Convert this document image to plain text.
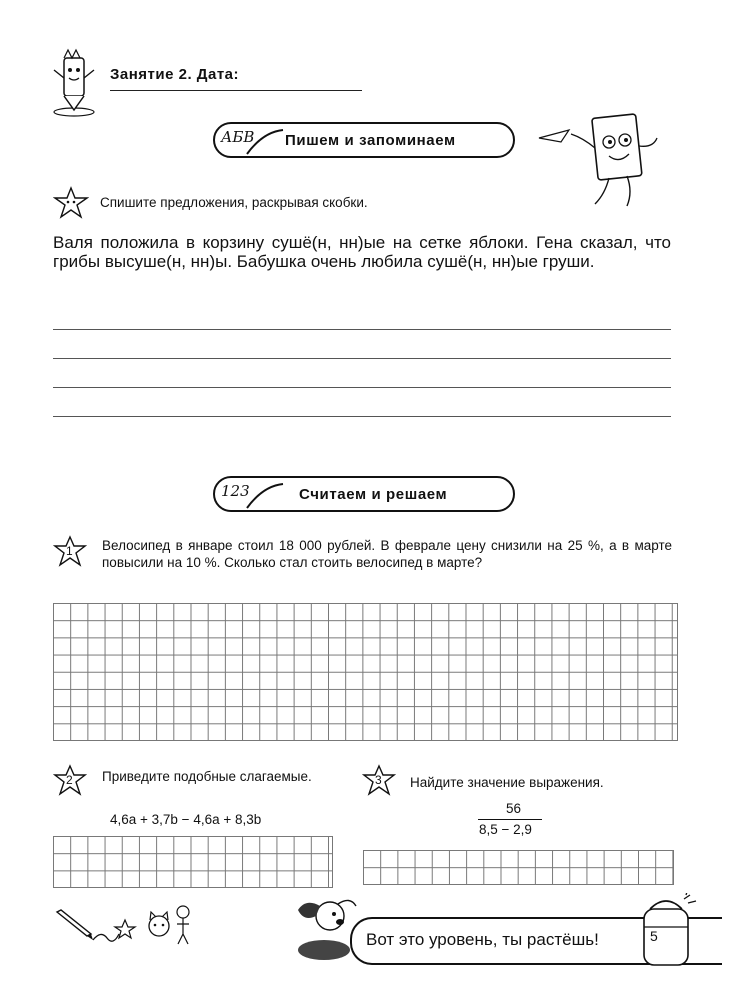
Занятие 2. Дата:
АБВ Пишем и запоминаем
Спишите предложения, раскрывая скобки.
Валя положила в корзину сушё(н, нн)ые на сетке яблоки. Гена сказал, что грибы высуше(н, нн)ы. Бабушка очень любила сушё(н, нн)ые груши.
123	Считаем и решаем
1 Велосипед в январе стоил 18 000 рублей. В феврале цену снизили на 25 %, а в марте повысили на 10 %. Сколько стал стоить велосипед в марте?
2 Приведите подобные слагаемые.
4,6a + 3,7b − 4,6a + 8,3b
3 Найдите значение выражения.
56
8,5 − 2,9
Вот это уровень, ты растёшь!	5
